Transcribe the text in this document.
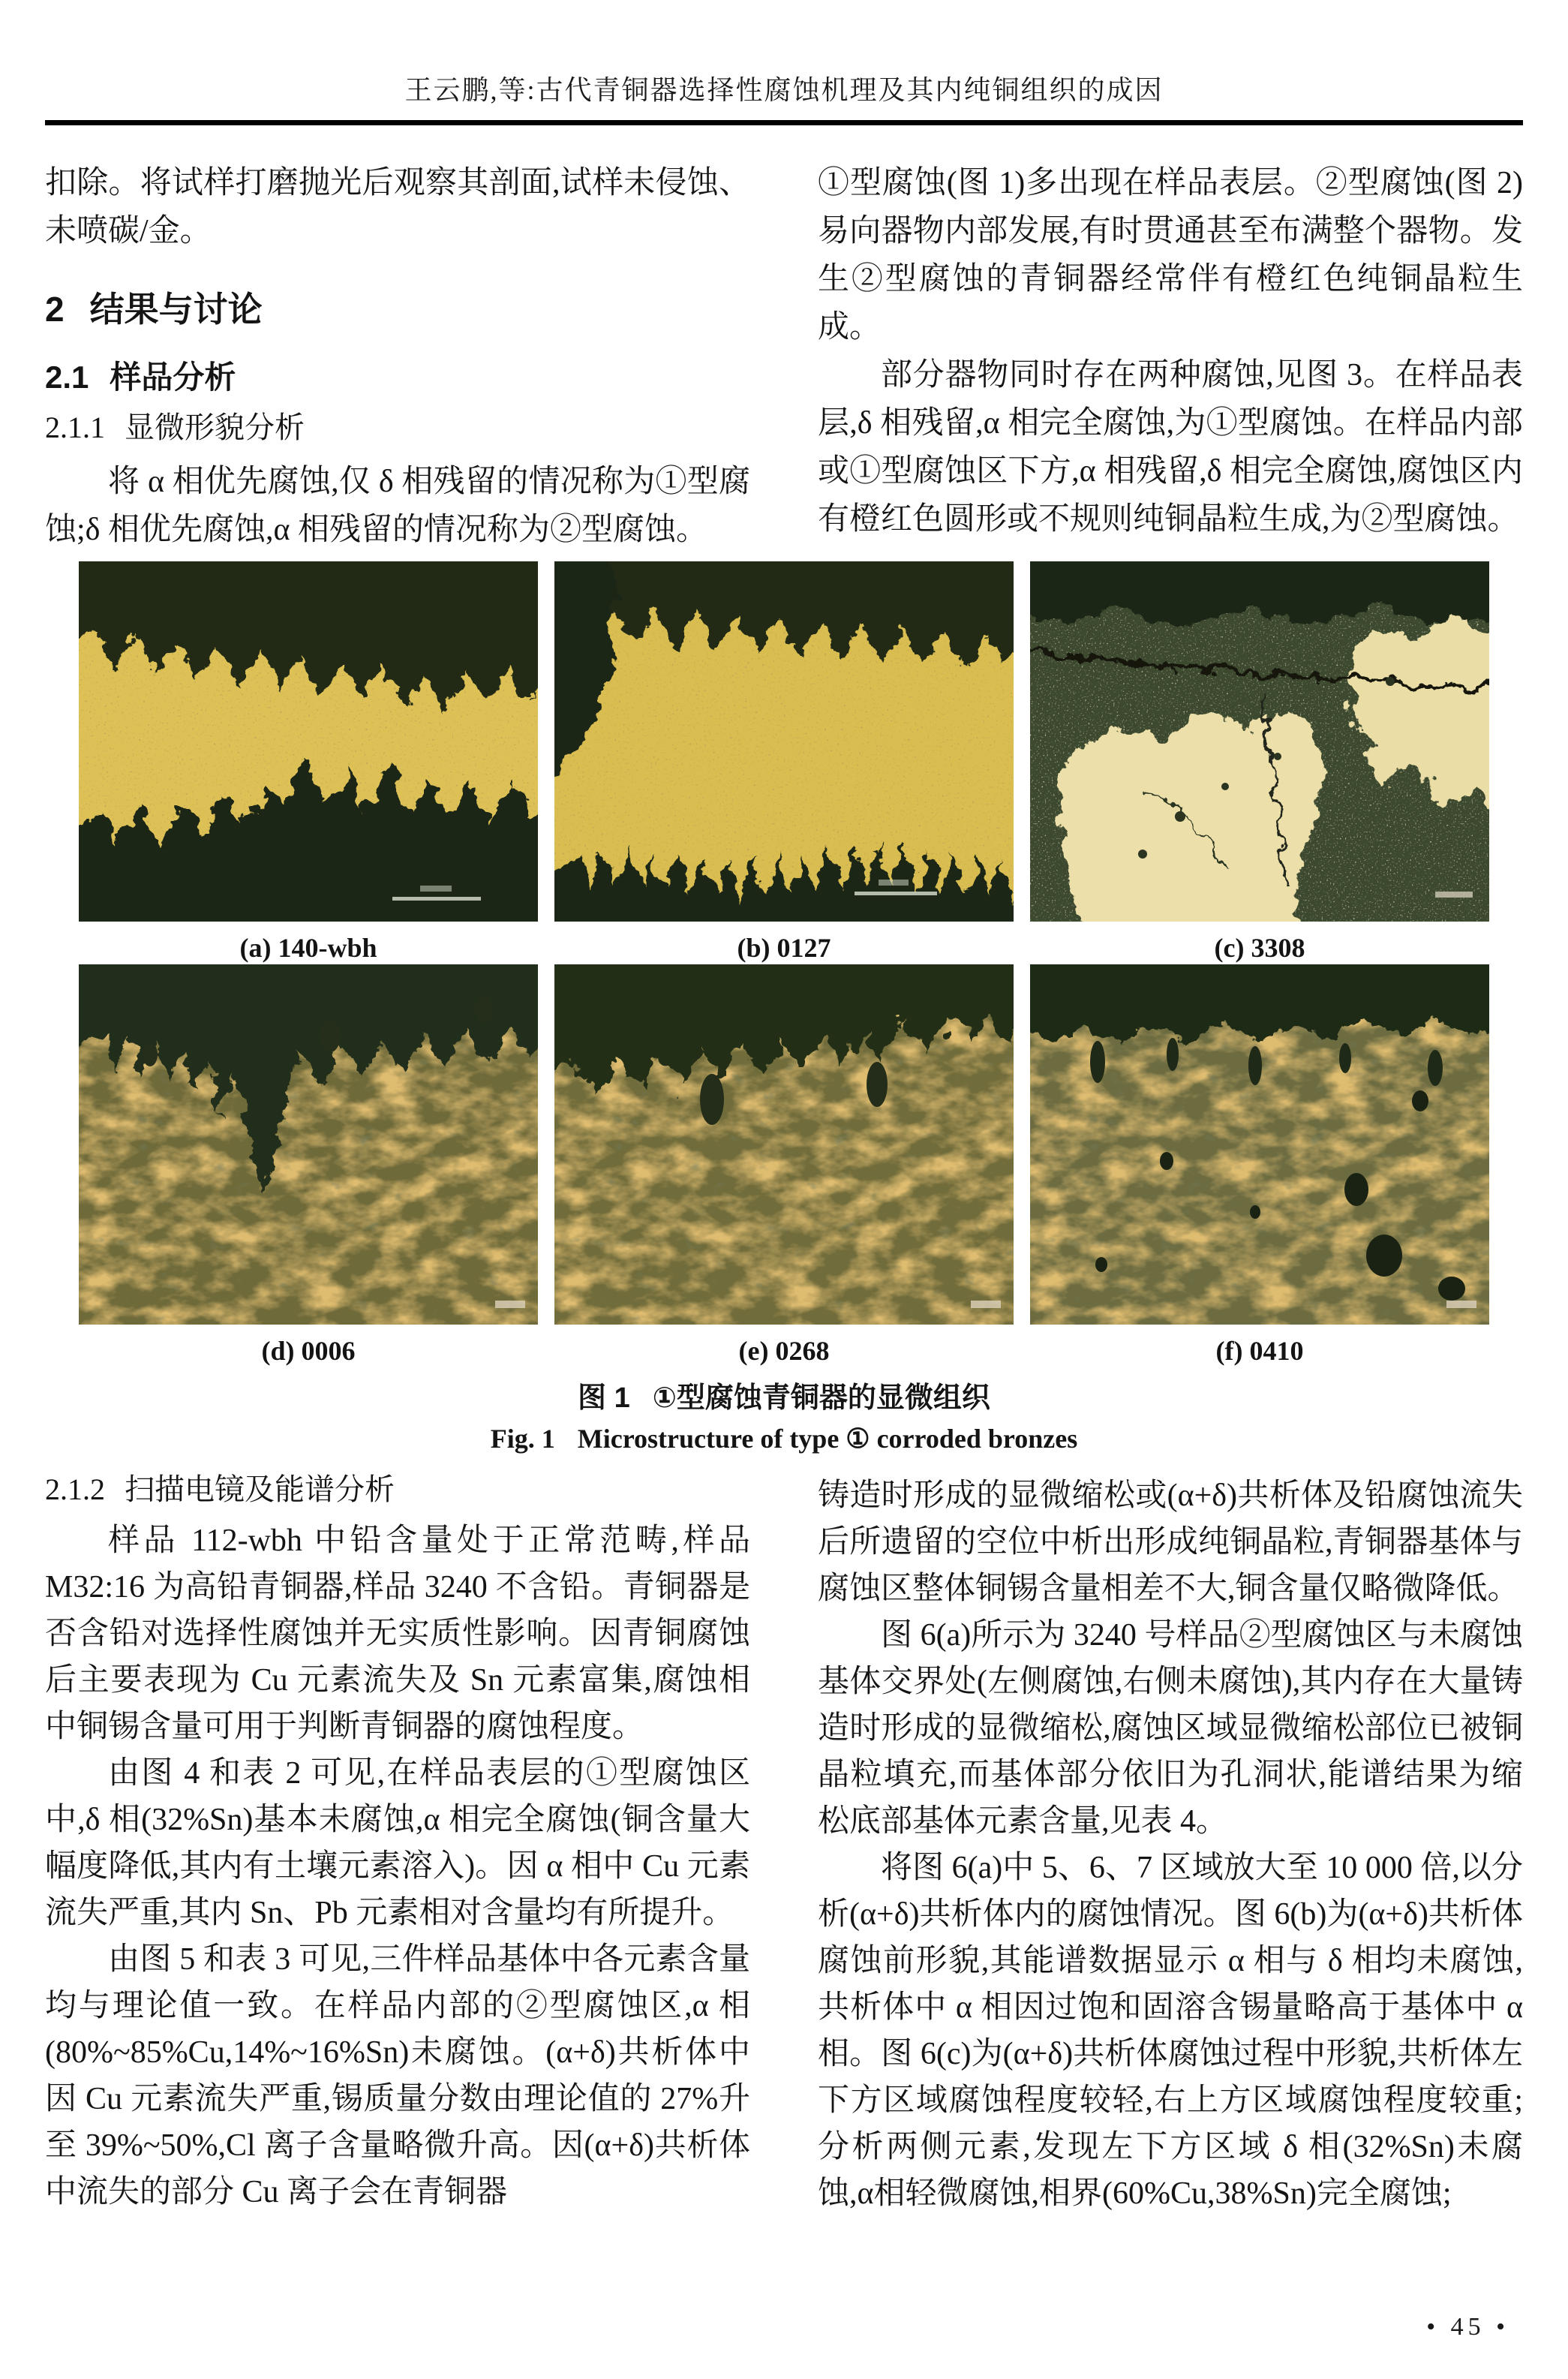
王云鹏,等:古代青铜器选择性腐蚀机理及其内纯铜组织的成因

扣除。将试样打磨抛光后观察其剖面,试样未侵蚀、未喷碳/金。

2 结果与讨论
2.1 样品分析
2.1.1 显微形貌分析

将 α 相优先腐蚀,仅 δ 相残留的情况称为①型腐蚀;δ 相优先腐蚀,α 相残留的情况称为②型腐蚀。

①型腐蚀(图 1)多出现在样品表层。②型腐蚀(图 2)易向器物内部发展,有时贯通甚至布满整个器物。发生②型腐蚀的青铜器经常伴有橙红色纯铜晶粒生成。

部分器物同时存在两种腐蚀,见图 3。在样品表层,δ 相残留,α 相完全腐蚀,为①型腐蚀。在样品内部或①型腐蚀区下方,α 相残留,δ 相完全腐蚀,腐蚀区内有橙红色圆形或不规则纯铜晶粒生成,为②型腐蚀。

(a) 140-wbh	(b) 0127	(c) 3308
(d) 0006	(e) 0268	(f) 0410
图 1 ①型腐蚀青铜器的显微组织
Fig. 1 Microstructure of type ① corroded bronzes
2.1.2 扫描电镜及能谱分析

样品 112-wbh 中铅含量处于正常范畴,样品 M32:16 为高铅青铜器,样品 3240 不含铅。青铜器是否含铅对选择性腐蚀并无实质性影响。因青铜腐蚀后主要表现为 Cu 元素流失及 Sn 元素富集,腐蚀相中铜锡含量可用于判断青铜器的腐蚀程度。

由图 4 和表 2 可见,在样品表层的①型腐蚀区中,δ 相(32%Sn)基本未腐蚀,α 相完全腐蚀(铜含量大幅度降低,其内有土壤元素溶入)。因 α 相中 Cu 元素流失严重,其内 Sn、Pb 元素相对含量均有所提升。

由图 5 和表 3 可见,三件样品基体中各元素含量均与理论值一致。在样品内部的②型腐蚀区,α 相(80%~85%Cu,14%~16%Sn)未腐蚀。(α+δ)共析体中因 Cu 元素流失严重,锡质量分数由理论值的 27%升至 39%~50%,Cl 离子含量略微升高。因(α+δ)共析体中流失的部分 Cu 离子会在青铜器

铸造时形成的显微缩松或(α+δ)共析体及铅腐蚀流失后所遗留的空位中析出形成纯铜晶粒,青铜器基体与腐蚀区整体铜锡含量相差不大,铜含量仅略微降低。

图 6(a)所示为 3240 号样品②型腐蚀区与未腐蚀基体交界处(左侧腐蚀,右侧未腐蚀),其内存在大量铸造时形成的显微缩松,腐蚀区域显微缩松部位已被铜晶粒填充,而基体部分依旧为孔洞状,能谱结果为缩松底部基体元素含量,见表 4。

将图 6(a)中 5、6、7 区域放大至 10 000 倍,以分析(α+δ)共析体内的腐蚀情况。图 6(b)为(α+δ)共析体腐蚀前形貌,其能谱数据显示 α 相与 δ 相均未腐蚀,共析体中 α 相因过饱和固溶含锡量略高于基体中 α 相。图 6(c)为(α+δ)共析体腐蚀过程中形貌,共析体左下方区域腐蚀程度较轻,右上方区域腐蚀程度较重;分析两侧元素,发现左下方区域 δ 相(32%Sn)未腐蚀,α相轻微腐蚀,相界(60%Cu,38%Sn)完全腐蚀;

• 45 •
